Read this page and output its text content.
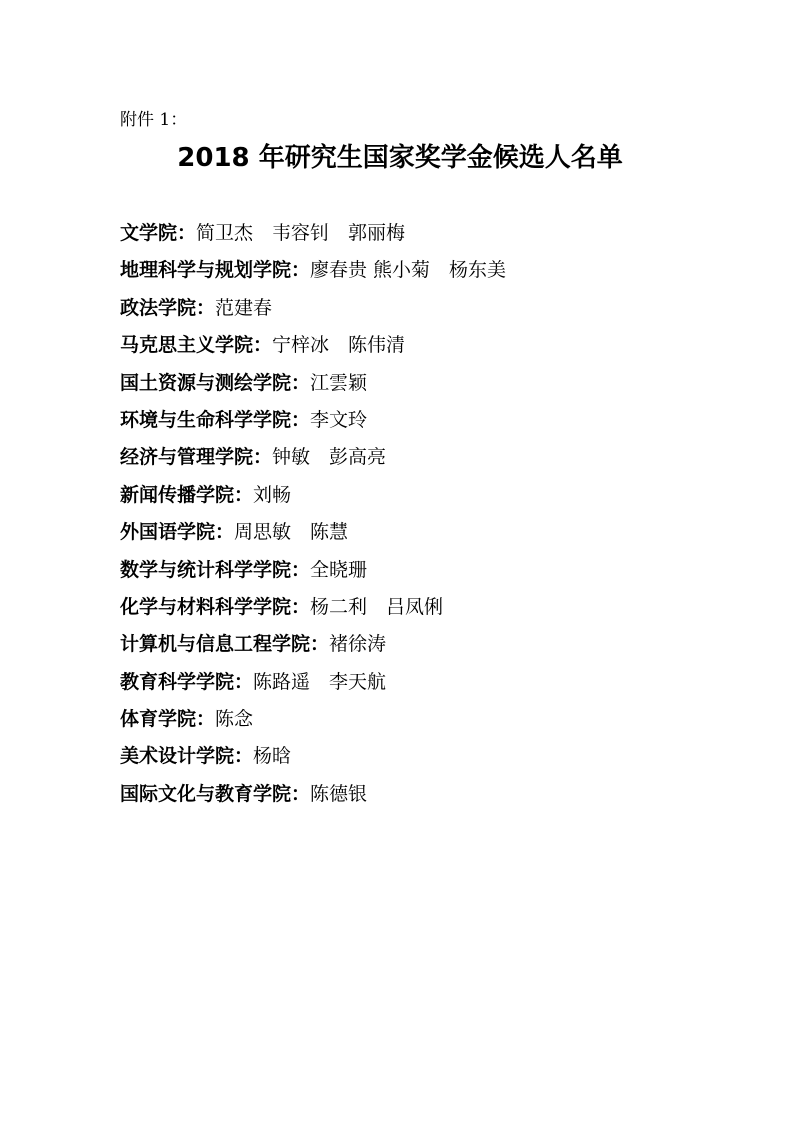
附件 1：
2018 年研究生国家奖学金候选人名单
文学院：简卫杰　韦容钊　郭丽梅
地理科学与规划学院：廖春贵 熊小菊　杨东美
政法学院：范建春
马克思主义学院：宁梓冰　陈伟清
国土资源与测绘学院：江雲颖
环境与生命科学学院：李文玲
经济与管理学院：钟敏　彭高亮
新闻传播学院：刘畅
外国语学院：周思敏　陈慧
数学与统计科学学院：全晓珊
化学与材料科学学院：杨二利　吕凤俐
计算机与信息工程学院：褚徐涛
教育科学学院：陈路遥　李天航
体育学院：陈念
美术设计学院：杨晗
国际文化与教育学院：陈德银
